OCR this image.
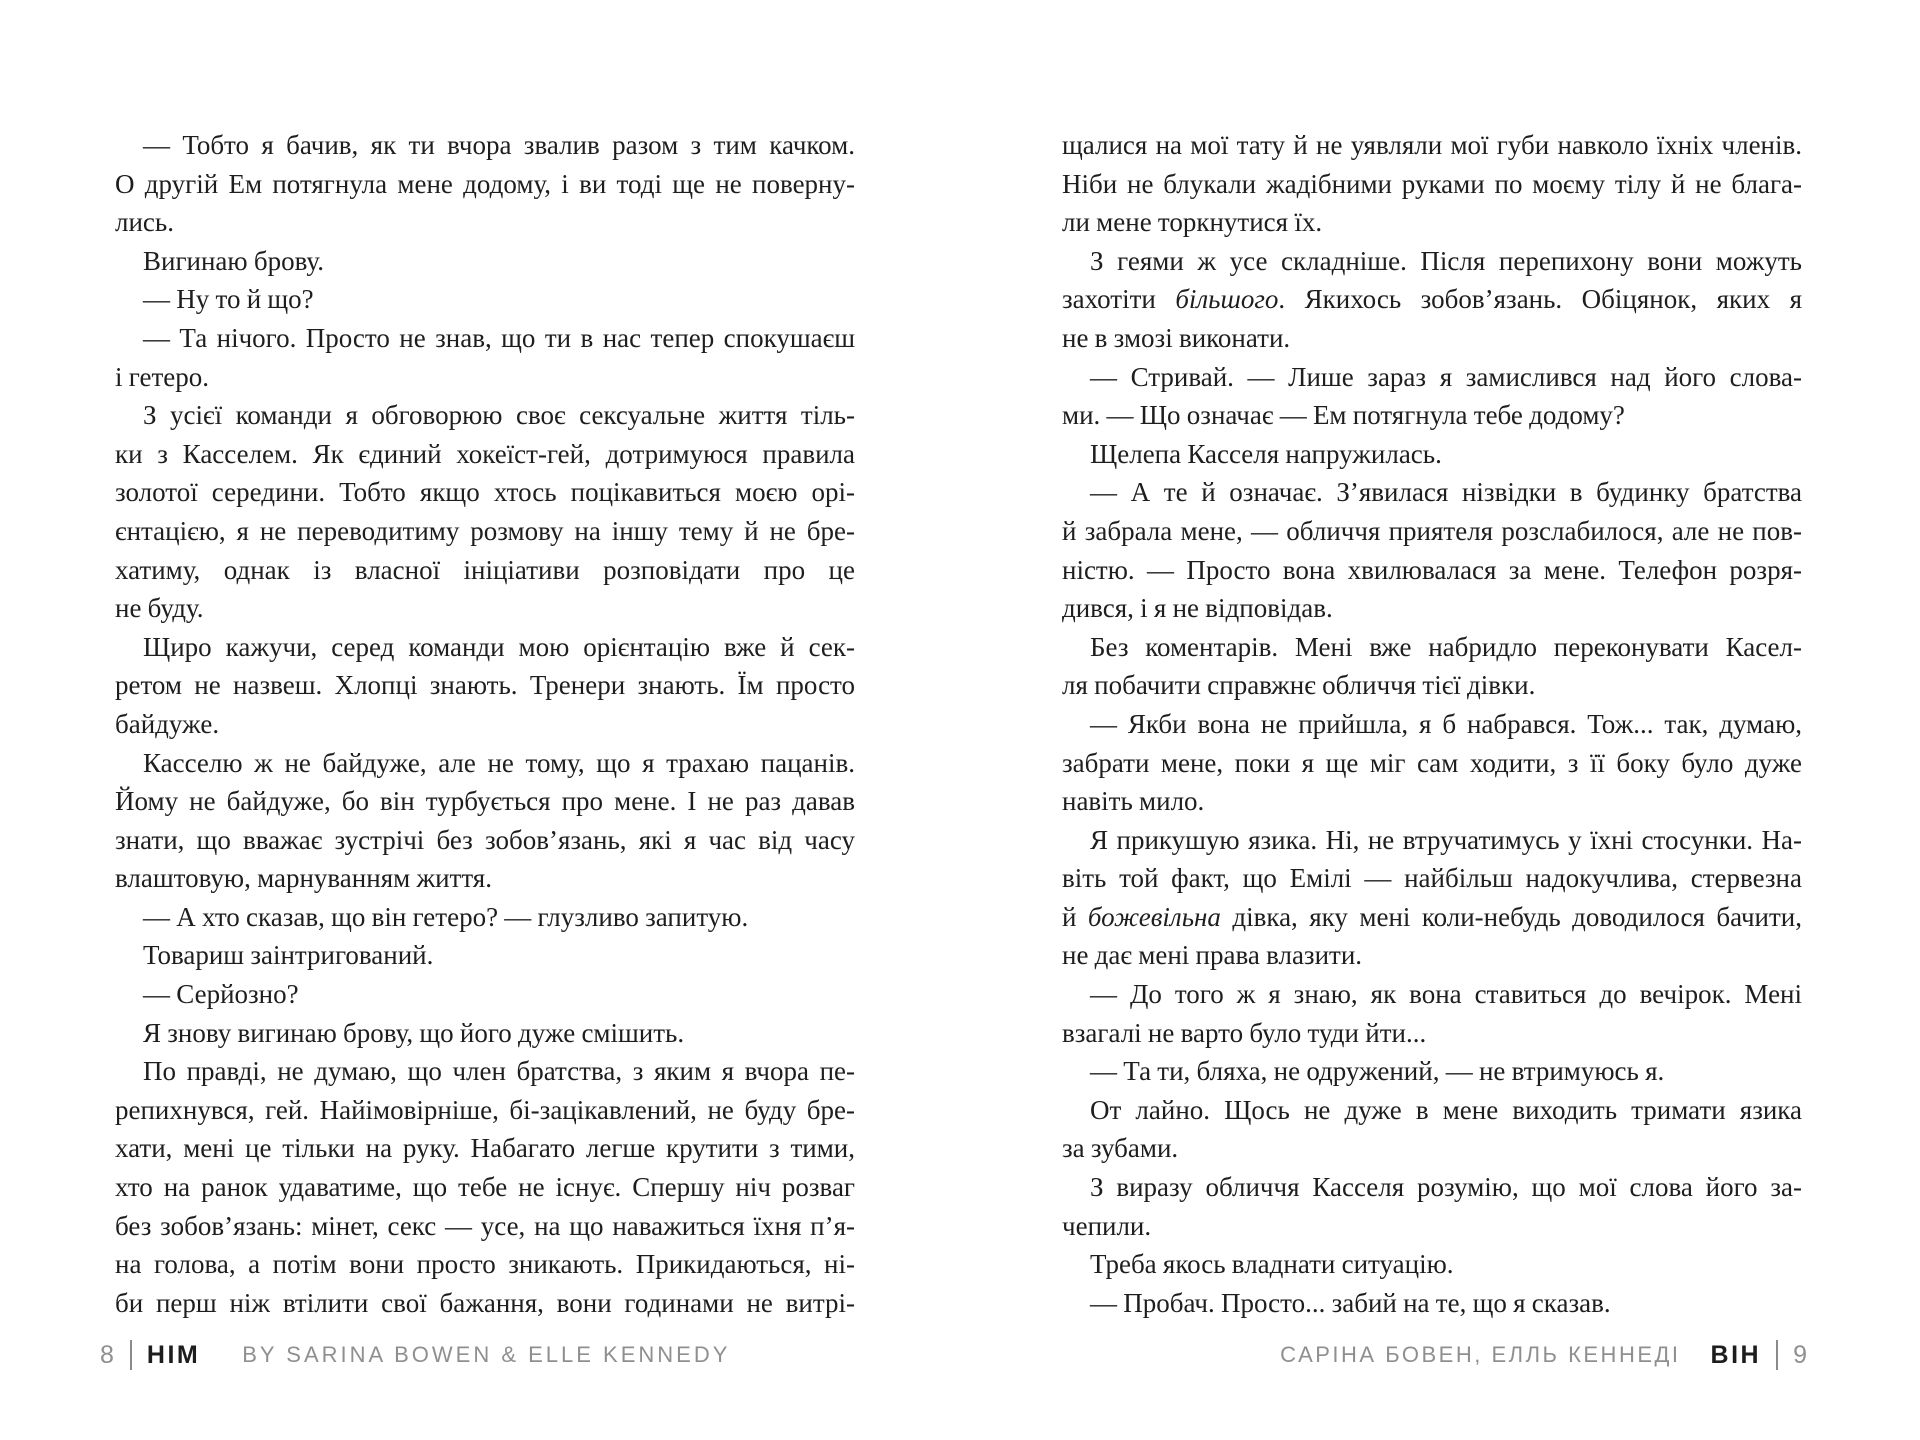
— Тобто я бачив, як ти вчора звалив разом з тим качком.
О другій Ем потягнула мене додому, і ви тоді ще не поверну-
лись.
Вигинаю брову.
— Ну то й що?
— Та нічого. Просто не знав, що ти в нас тепер спокушаєш
і гетеро.
З усієї команди я обговорюю своє сексуальне життя тіль-
ки з Касселем. Як єдиний хокеїст-гей, дотримуюся правила
золотої середини. Тобто якщо хтось поцікавиться моєю орі-
єнтацією, я не переводитиму розмову на іншу тему й не бре-
хатиму, однак із власної ініціативи розповідати про це
не буду.
Щиро кажучи, серед команди мою орієнтацію вже й сек-
ретом не назвеш. Хлопці знають. Тренери знають. Їм просто
байдуже.
Касселю ж не байдуже, але не тому, що я трахаю пацанів.
Йому не байдуже, бо він турбується про мене. І не раз давав
знати, що вважає зустрічі без зобов’язань, які я час від часу
влаштовую, марнуванням життя.
— А хто сказав, що він гетеро? — глузливо запитую.
Товариш заінтригований.
— Серйозно?
Я знову вигинаю брову, що його дуже смішить.
По правді, не думаю, що член братства, з яким я вчора пе-
репихнувся, гей. Найімовірніше, бі-зацікавлений, не буду бре-
хати, мені це тільки на руку. Набагато легше крутити з тими,
хто на ранок удаватиме, що тебе не існує. Спершу ніч розваг
без зобов’язань: мінет, секс — усе, на що наважиться їхня п’я-
на голова, а потім вони просто зникають. Прикидаються, ні-
би перш ніж втілити свої бажання, вони годинами не витрі-
8 HIM BY SARINA BOWEN & ELLE KENNEDY
щалися на мої тату й не уявляли мої губи навколо їхніх членів.
Ніби не блукали жадібними руками по моєму тілу й не блага-
ли мене торкнутися їх.
З геями ж усе складніше. Після перепихону вони можуть
захотіти більшого. Якихось зобов’язань. Обіцянок, яких я
не в змозі виконати.
— Стривай. — Лише зараз я замислився над його слова-
ми. — Що означає — Ем потягнула тебе додому?
Щелепа Касселя напружилась.
— А те й означає. З’явилася нізвідки в будинку братства
й забрала мене, — обличчя приятеля розслабилося, але не пов-
ністю. — Просто вона хвилювалася за мене. Телефон розря-
дився, і я не відповідав.
Без коментарів. Мені вже набридло переконувати Касел-
ля побачити справжнє обличчя тієї дівки.
— Якби вона не прийшла, я б набрався. Тож... так, думаю,
забрати мене, поки я ще міг сам ходити, з її боку було дуже
навіть мило.
Я прикушую язика. Ні, не втручатимусь у їхні стосунки. На-
віть той факт, що Емілі — найбільш надокучлива, стервезна
й божевільна дівка, яку мені коли-небудь доводилося бачити,
не дає мені права влазити.
— До того ж я знаю, як вона ставиться до вечірок. Мені
взагалі не варто було туди йти...
— Та ти, бляха, не одружений, — не втримуюсь я.
От лайно. Щось не дуже в мене виходить тримати язика
за зубами.
З виразу обличчя Касселя розумію, що мої слова його за-
чепили.
Треба якось владнати ситуацію.
— Пробач. Просто... забий на те, що я сказав.
САРІНА БОВЕН, ЕЛЛЬ КЕННЕДІ ВІН 9
